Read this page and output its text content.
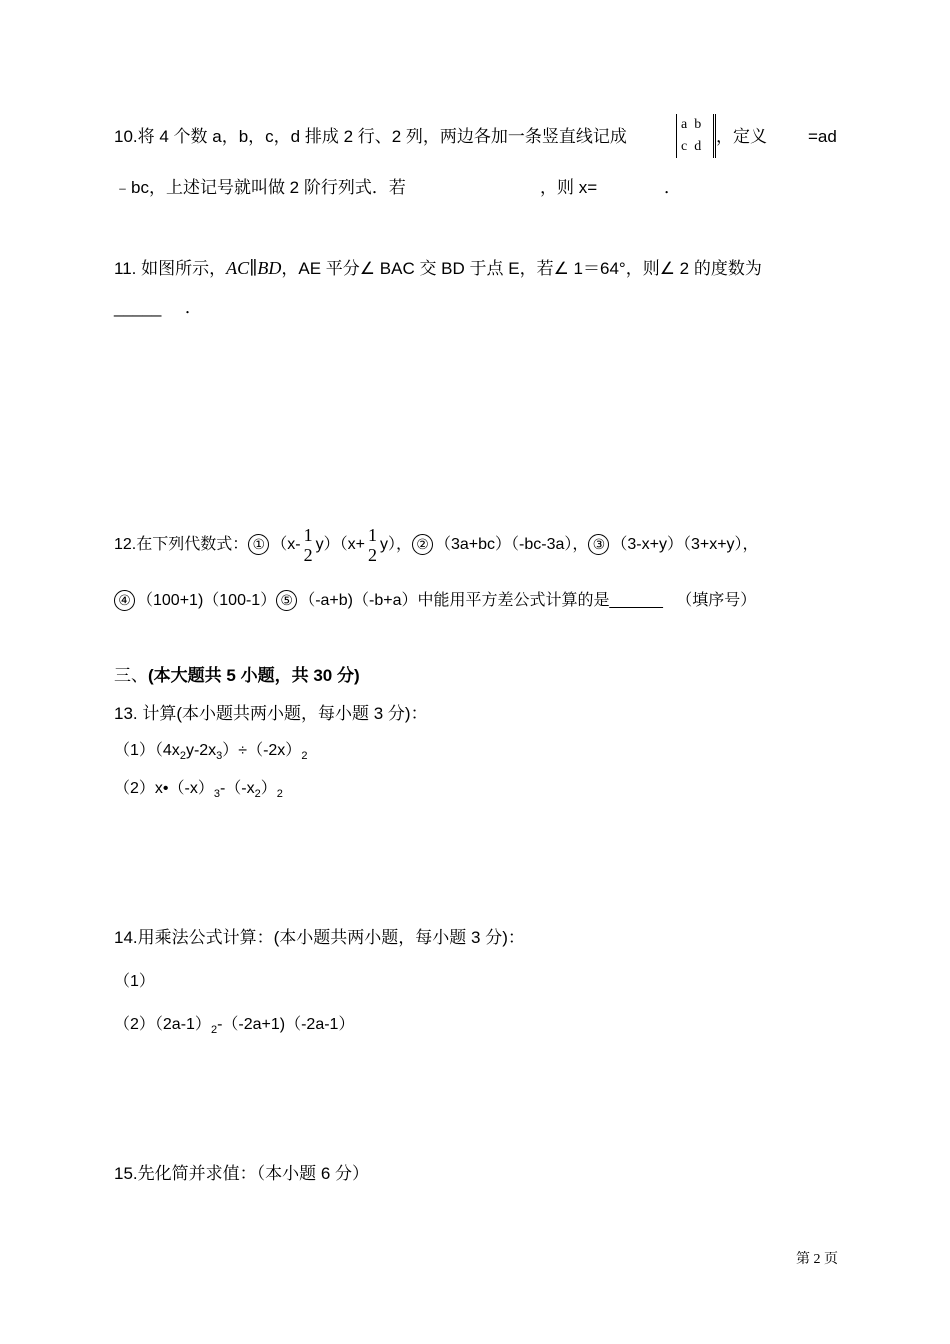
10.将 4 个数 a，b，c，d 排成 2 行、2 列，两边各加一条竖直线记成
a b
c d
，定义 =ad
﹣bc，上述记号就叫做 2 阶行列式．若	，则 x=	．
11. 如图所示，AC∥BD，AE 平分∠ BAC 交 BD 于点 E，若∠ 1＝64°，则∠ 2 的度数为
_____ ．
12.在下列代数式： ① （x- 1
2
y）（x+ 1
2
y）， ② （3a+bc）（-bc-3a）， ③ （3-x+y）（3+x+y），
④ （100+1)（100-1） ⑤ （-a+b)（-b+a）中能用平方差公式计算的是______ （填序号）
三、(本大题共 5 小题，共 30 分)
13. 计算(本小题共两小题，每小题 3 分)：
$(1)(4x_2y-2x_3)\div(-2x)_2$
$(2)x•(-x)_3-(-x_2)_2$
14.用乘法公式计算：(本小题共两小题，每小题 3 分)：
（1）
$(2)(2a-1)_2-(-2a+1)(-2a-1)$
15.先化简并求值：（本小题 6 分）
第 2 页
